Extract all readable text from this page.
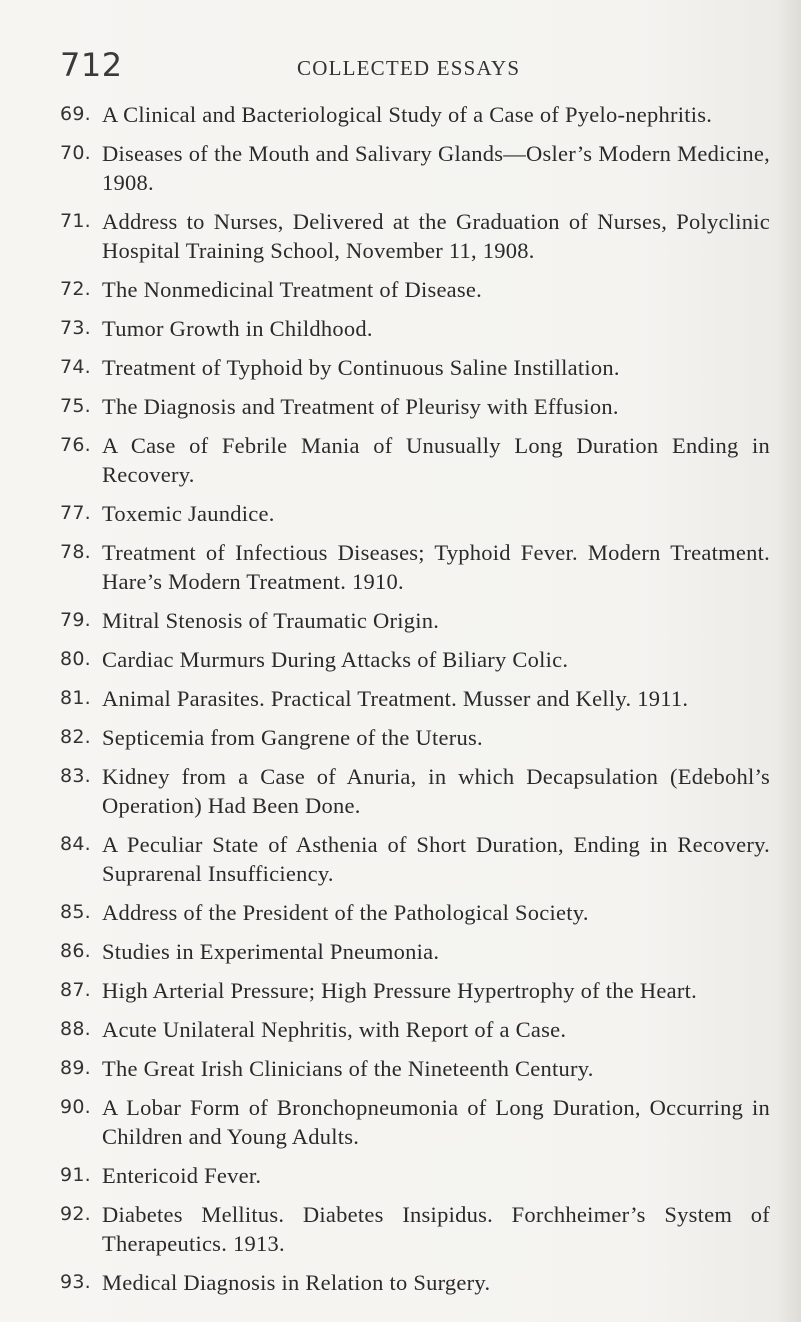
712	COLLECTED ESSAYS
69. A Clinical and Bacteriological Study of a Case of Pyelo-nephritis.
70. Diseases of the Mouth and Salivary Glands—Osler’s Modern Medicine, 1908.
71. Address to Nurses, Delivered at the Graduation of Nurses, Polyclinic Hospital Training School, November 11, 1908.
72. The Nonmedicinal Treatment of Disease.
73. Tumor Growth in Childhood.
74. Treatment of Typhoid by Continuous Saline Instillation.
75. The Diagnosis and Treatment of Pleurisy with Effusion.
76. A Case of Febrile Mania of Unusually Long Duration Ending in Recovery.
77. Toxemic Jaundice.
78. Treatment of Infectious Diseases; Typhoid Fever. Modern Treatment. Hare’s Modern Treatment. 1910.
79. Mitral Stenosis of Traumatic Origin.
80. Cardiac Murmurs During Attacks of Biliary Colic.
81. Animal Parasites. Practical Treatment. Musser and Kelly. 1911.
82. Septicemia from Gangrene of the Uterus.
83. Kidney from a Case of Anuria, in which Decapsulation (Edebohl’s Operation) Had Been Done.
84. A Peculiar State of Asthenia of Short Duration, Ending in Recovery. Suprarenal Insufficiency.
85. Address of the President of the Pathological Society.
86. Studies in Experimental Pneumonia.
87. High Arterial Pressure; High Pressure Hypertrophy of the Heart.
88. Acute Unilateral Nephritis, with Report of a Case.
89. The Great Irish Clinicians of the Nineteenth Century.
90. A Lobar Form of Bronchopneumonia of Long Duration, Occurring in Children and Young Adults.
91. Entericoid Fever.
92. Diabetes Mellitus. Diabetes Insipidus. Forchheimer’s System of Therapeutics. 1913.
93. Medical Diagnosis in Relation to Surgery.
